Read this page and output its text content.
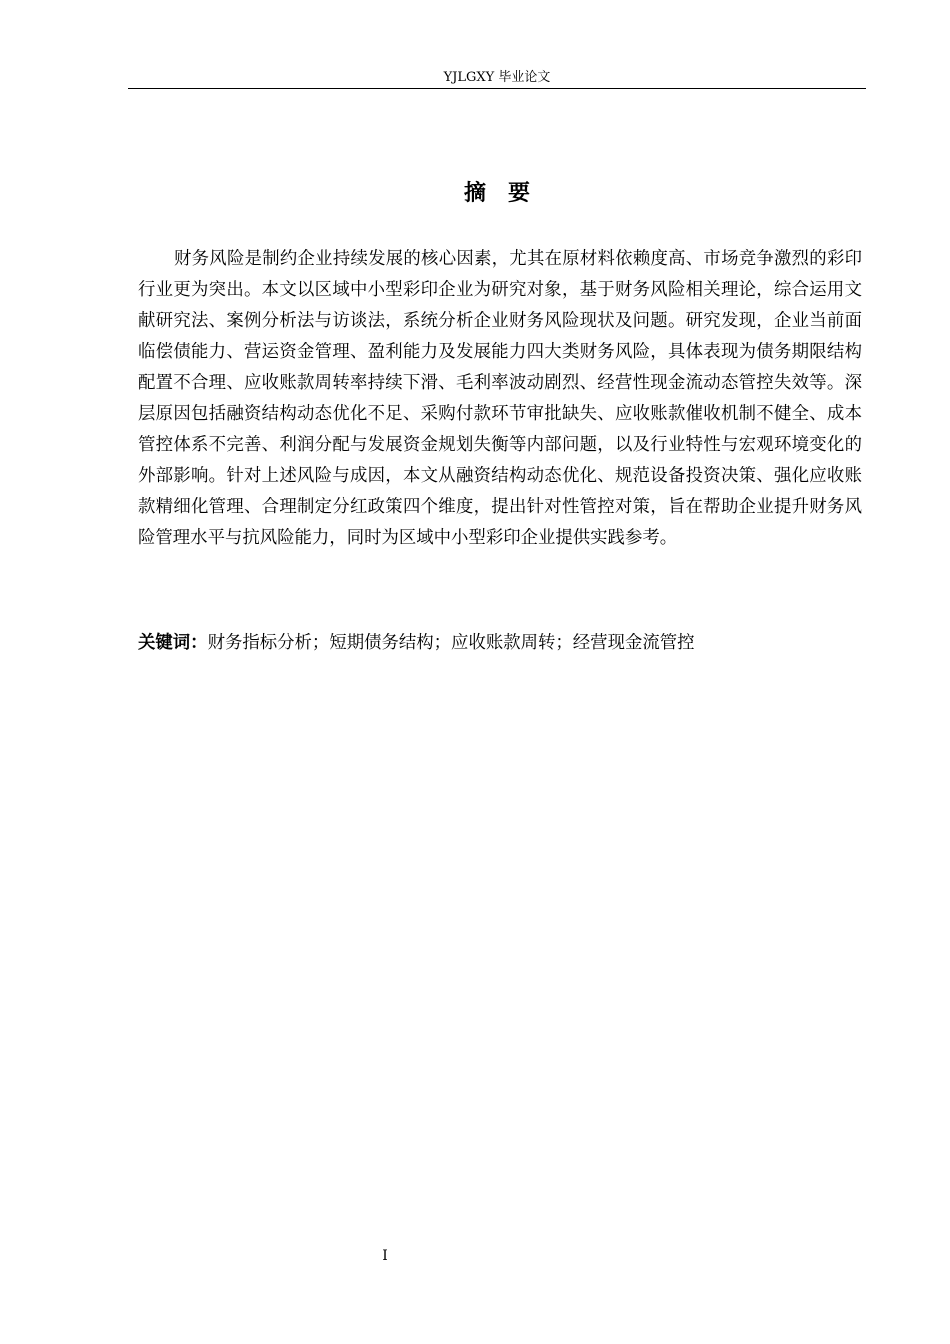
YJLGXY 毕业论文
摘要

财务风险是制约企业持续发展的核心因素，尤其在原材料依赖度高、市场竞争激烈的彩印行业更为突出。本文以区域中小型彩印企业为研究对象，基于财务风险相关理论，综合运用文献研究法、案例分析法与访谈法，系统分析企业财务风险现状及问题。研究发现，企业当前面临偿债能力、营运资金管理、盈利能力及发展能力四大类财务风险，具体表现为债务期限结构配置不合理、应收账款周转率持续下滑、毛利率波动剧烈、经营性现金流动态管控失效等。深层原因包括融资结构动态优化不足、采购付款环节审批缺失、应收账款催收机制不健全、成本管控体系不完善、利润分配与发展资金规划失衡等内部问题，以及行业特性与宏观环境变化的外部影响。针对上述风险与成因，本文从融资结构动态优化、规范设备投资决策、强化应收账款精细化管理、合理制定分红政策四个维度，提出针对性管控对策，旨在帮助企业提升财务风险管理水平与抗风险能力，同时为区域中小型彩印企业提供实践参考。

关键词：财务指标分析；短期债务结构；应收账款周转；经营现金流管控
I
